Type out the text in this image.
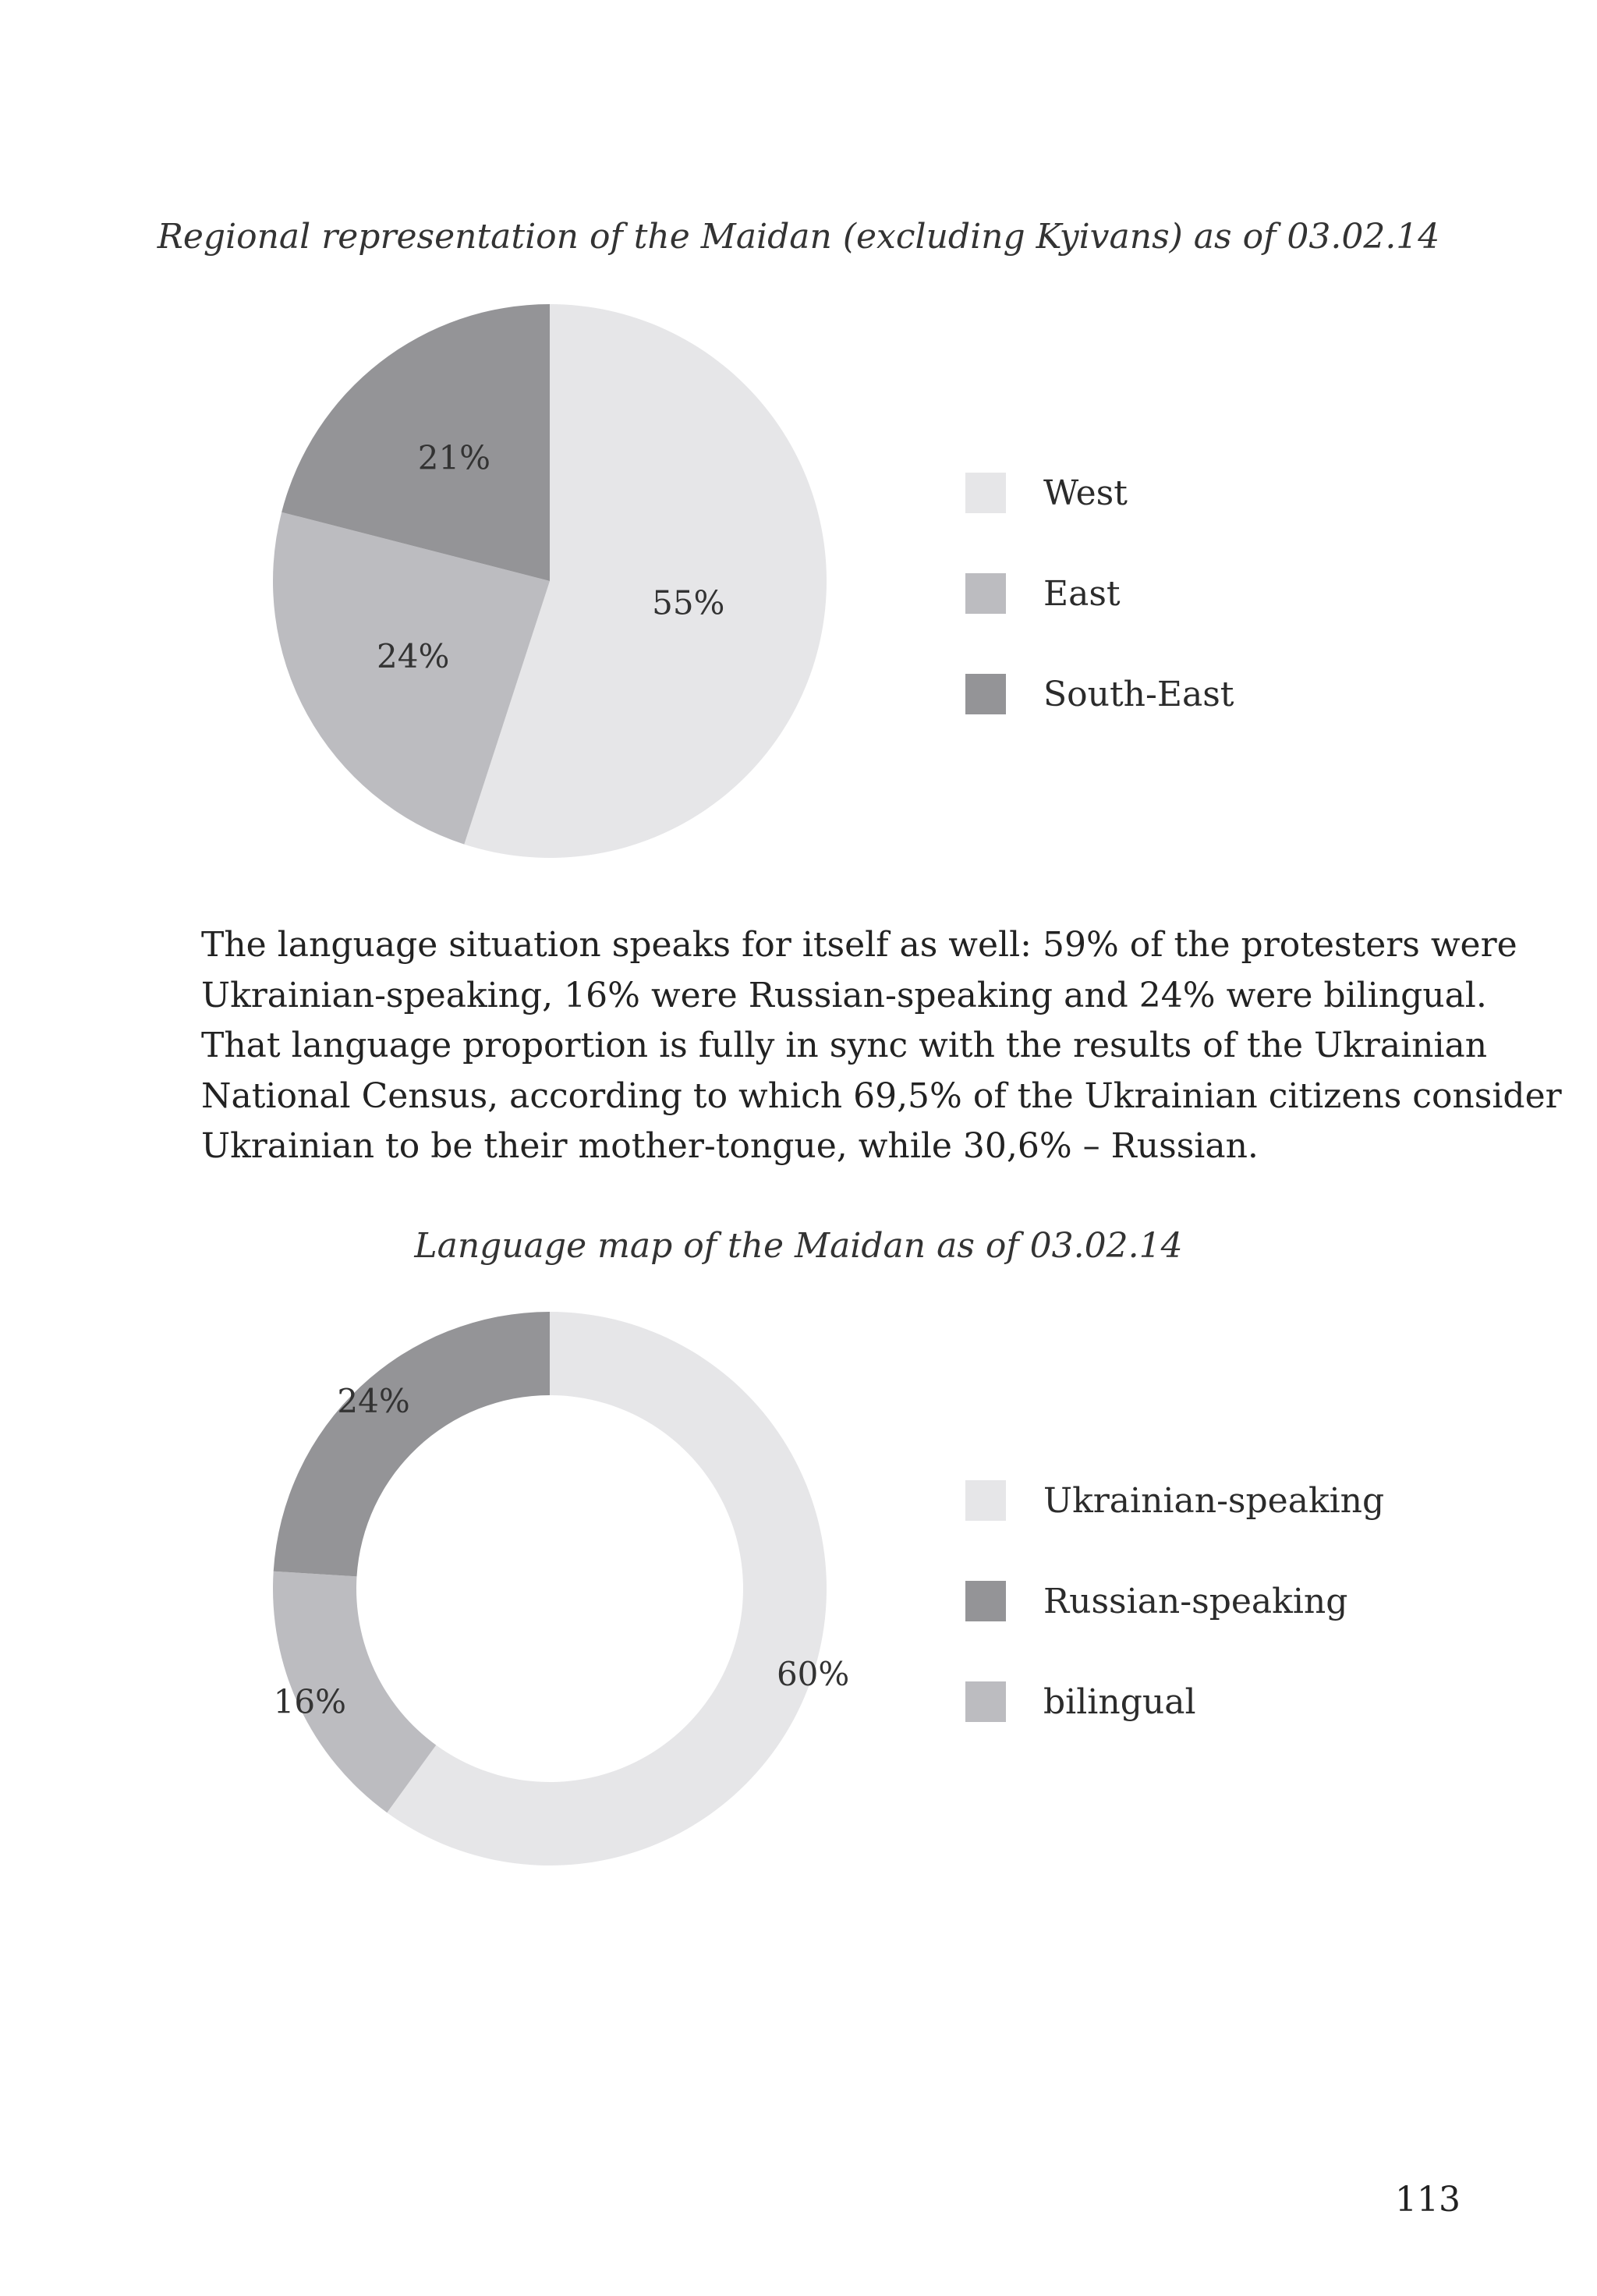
Regional representation of the Maidan (excluding Kyivans) as of 03.02.14
55%
24%
21%
West
East
South-East
The language situation speaks for itself as well: 59% of the protesters were
Ukrainian-speaking, 16% were Russian-speaking and 24% were bilingual.
That language proportion is fully in sync with the results of the Ukrainian
National Census, according to which 69,5% of the Ukrainian citizens consider
Ukrainian to be their mother-tongue, while 30,6% – Russian.
Language map of the Maidan as of 03.02.14
60%
16%
24%
Ukrainian-speaking
Russian-speaking
bilingual
113
